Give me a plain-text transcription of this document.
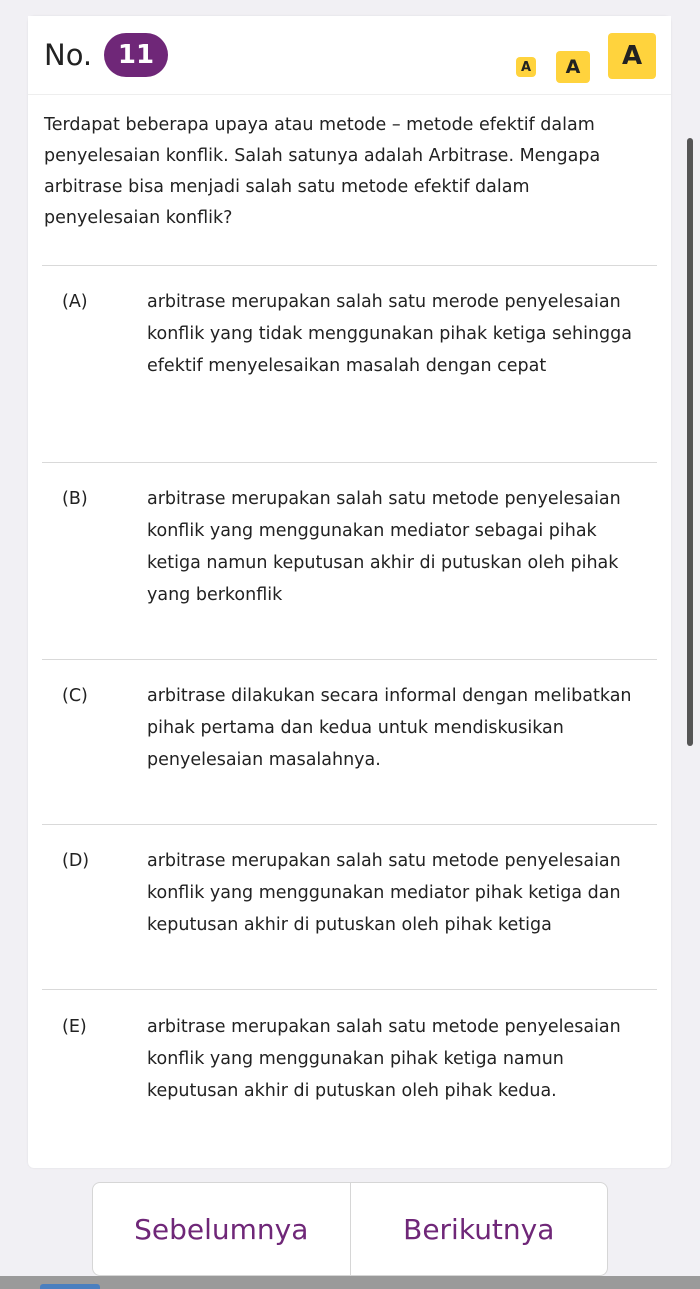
No. 11	A	A	A
Terdapat beberapa upaya atau metode – metode efektif dalam penyelesaian konflik. Salah satunya adalah Arbitrase. Mengapa arbitrase bisa menjadi salah satu metode efektif dalam penyelesaian konflik?
(A)	arbitrase merupakan salah satu merode penyelesaian konflik yang tidak menggunakan pihak ketiga sehingga efektif menyelesaikan masalah dengan cepat
(B)	arbitrase merupakan salah satu metode penyelesaian konflik yang menggunakan mediator sebagai pihak ketiga namun keputusan akhir di putuskan oleh pihak yang berkonflik
(C)	arbitrase dilakukan secara informal dengan melibatkan pihak pertama dan kedua untuk mendiskusikan penyelesaian masalahnya.
(D)	arbitrase merupakan salah satu metode penyelesaian konflik yang menggunakan mediator pihak ketiga dan keputusan akhir di putuskan oleh pihak ketiga
(E)	arbitrase merupakan salah satu metode penyelesaian konflik yang menggunakan pihak ketiga namun keputusan akhir di putuskan oleh pihak kedua.
Sebelumnya	Berikutnya
